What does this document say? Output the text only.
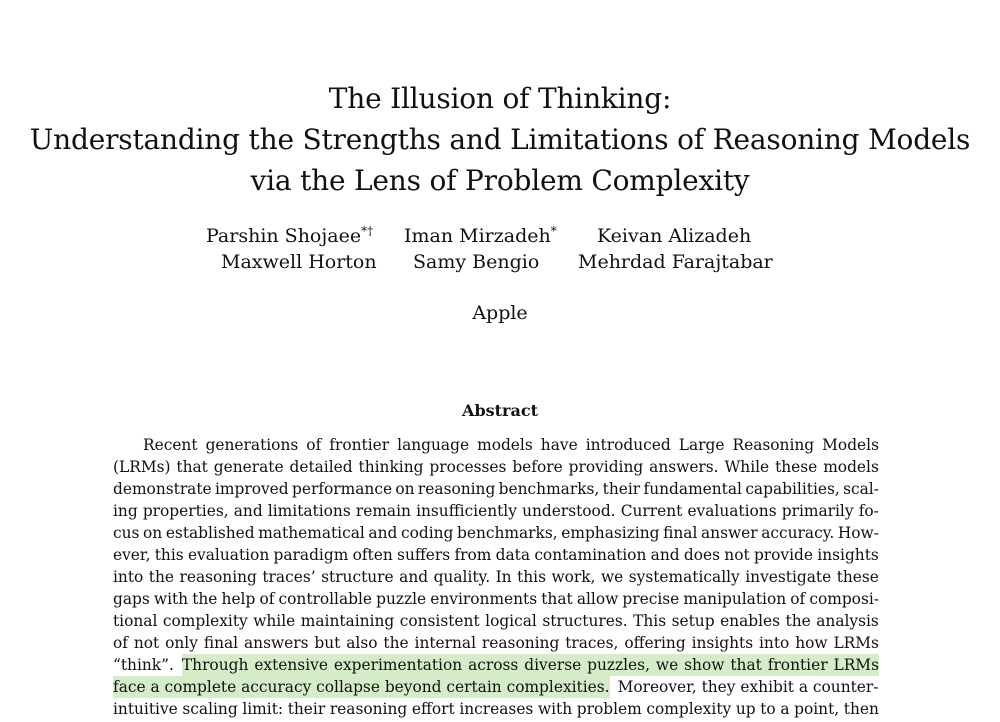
The Illusion of Thinking:
Understanding the Strengths and Limitations of Reasoning Models
via the Lens of Problem Complexity
Parshin Shojaee*† Iman Mirzadeh* Keivan Alizadeh
Maxwell Horton Samy Bengio Mehrdad Farajtabar
Apple
Abstract
Recent generations of frontier language models have introduced Large Reasoning Models
(LRMs) that generate detailed thinking processes before providing answers. While these models
demonstrate improved performance on reasoning benchmarks, their fundamental capabilities, scal-
ing properties, and limitations remain insufficiently understood. Current evaluations primarily fo-
cus on established mathematical and coding benchmarks, emphasizing final answer accuracy. How-
ever, this evaluation paradigm often suffers from data contamination and does not provide insights
into the reasoning traces’ structure and quality. In this work, we systematically investigate these
gaps with the help of controllable puzzle environments that allow precise manipulation of composi-
tional complexity while maintaining consistent logical structures. This setup enables the analysis
of not only final answers but also the internal reasoning traces, offering insights into how LRMs
“think”. Through extensive experimentation across diverse puzzles, we show that frontier LRMs
face a complete accuracy collapse beyond certain complexities. Moreover, they exhibit a counter-
intuitive scaling limit: their reasoning effort increases with problem complexity up to a point, then
